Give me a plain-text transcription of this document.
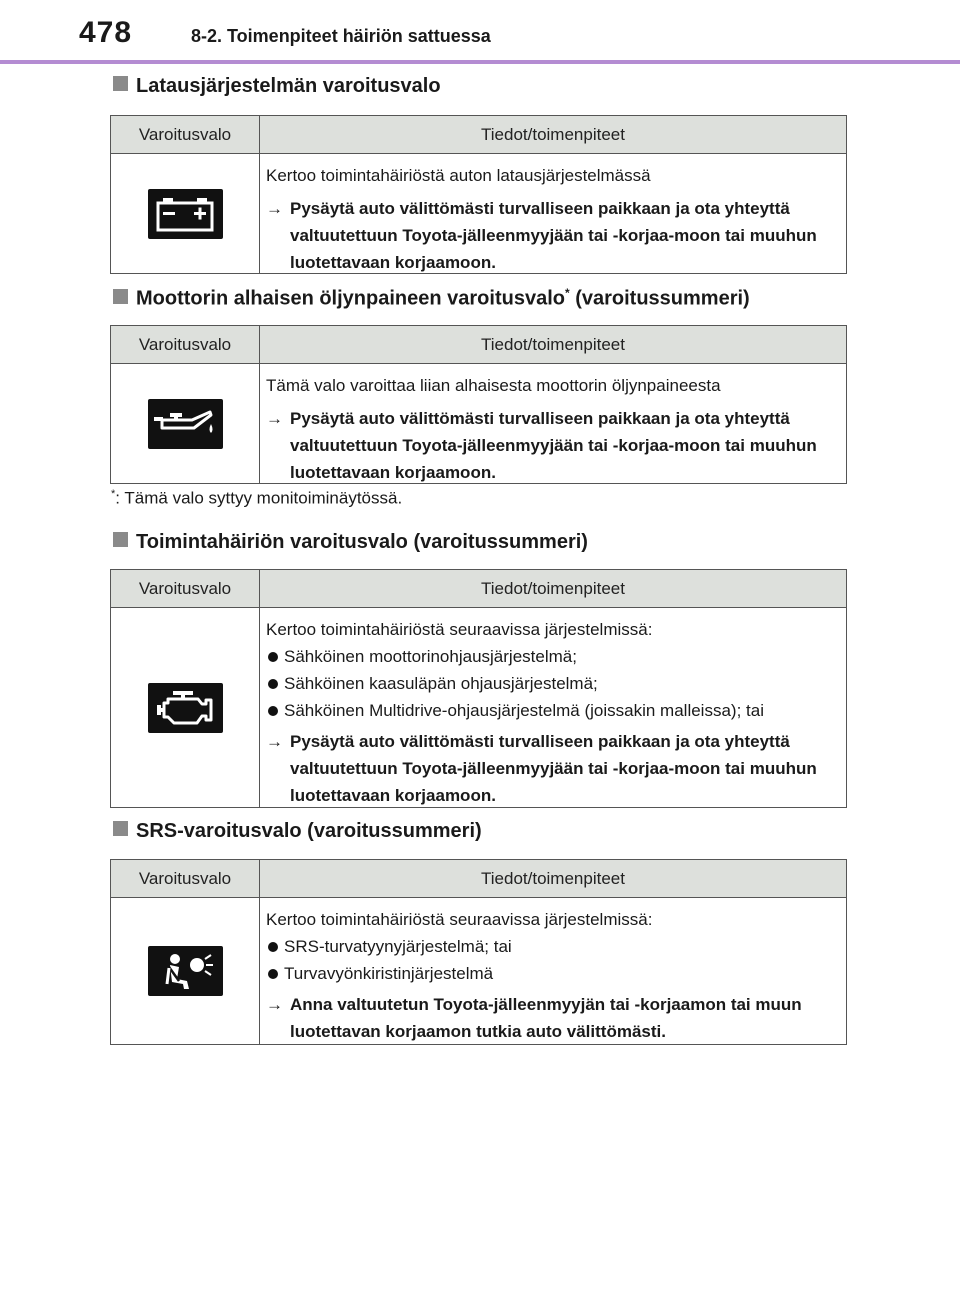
478	8-2. Toimenpiteet häiriön sattuessa
Latausjärjestelmän varoitusvalo
Varoitusvalo	Tiedot/toimenpiteet
Kertoo toimintahäiriöstä auton latausjärjestelmässä
→ Pysäytä auto välittömästi turvalliseen paikkaan ja ota yhteyttä valtuutettuun Toyota-jälleenmyyjään tai -korjaa-moon tai muuhun luotettavaan korjaamoon.
Moottorin alhaisen öljynpaineen varoitusvalo* (varoitussummeri)
Varoitusvalo	Tiedot/toimenpiteet
Tämä valo varoittaa liian alhaisesta moottorin öljynpaineesta
→ Pysäytä auto välittömästi turvalliseen paikkaan ja ota yhteyttä valtuutettuun Toyota-jälleenmyyjään tai -korjaa-moon tai muuhun luotettavaan korjaamoon.
*: Tämä valo syttyy monitoiminäytössä.
Toimintahäiriön varoitusvalo (varoitussummeri)
Varoitusvalo	Tiedot/toimenpiteet
Kertoo toimintahäiriöstä seuraavissa järjestelmissä:
Sähköinen moottorinohjausjärjestelmä;
Sähköinen kaasuläpän ohjausjärjestelmä;
Sähköinen Multidrive-ohjausjärjestelmä (joissakin malleissa); tai
→ Pysäytä auto välittömästi turvalliseen paikkaan ja ota yhteyttä valtuutettuun Toyota-jälleenmyyjään tai -korjaa-moon tai muuhun luotettavaan korjaamoon.
SRS-varoitusvalo (varoitussummeri)
Varoitusvalo	Tiedot/toimenpiteet
Kertoo toimintahäiriöstä seuraavissa järjestelmissä:
SRS-turvatyynyjärjestelmä; tai
Turvavyönkiristinjärjestelmä
→ Anna valtuutetun Toyota-jälleenmyyjän tai -korjaamon tai muun luotettavan korjaamon tutkia auto välittömästi.
